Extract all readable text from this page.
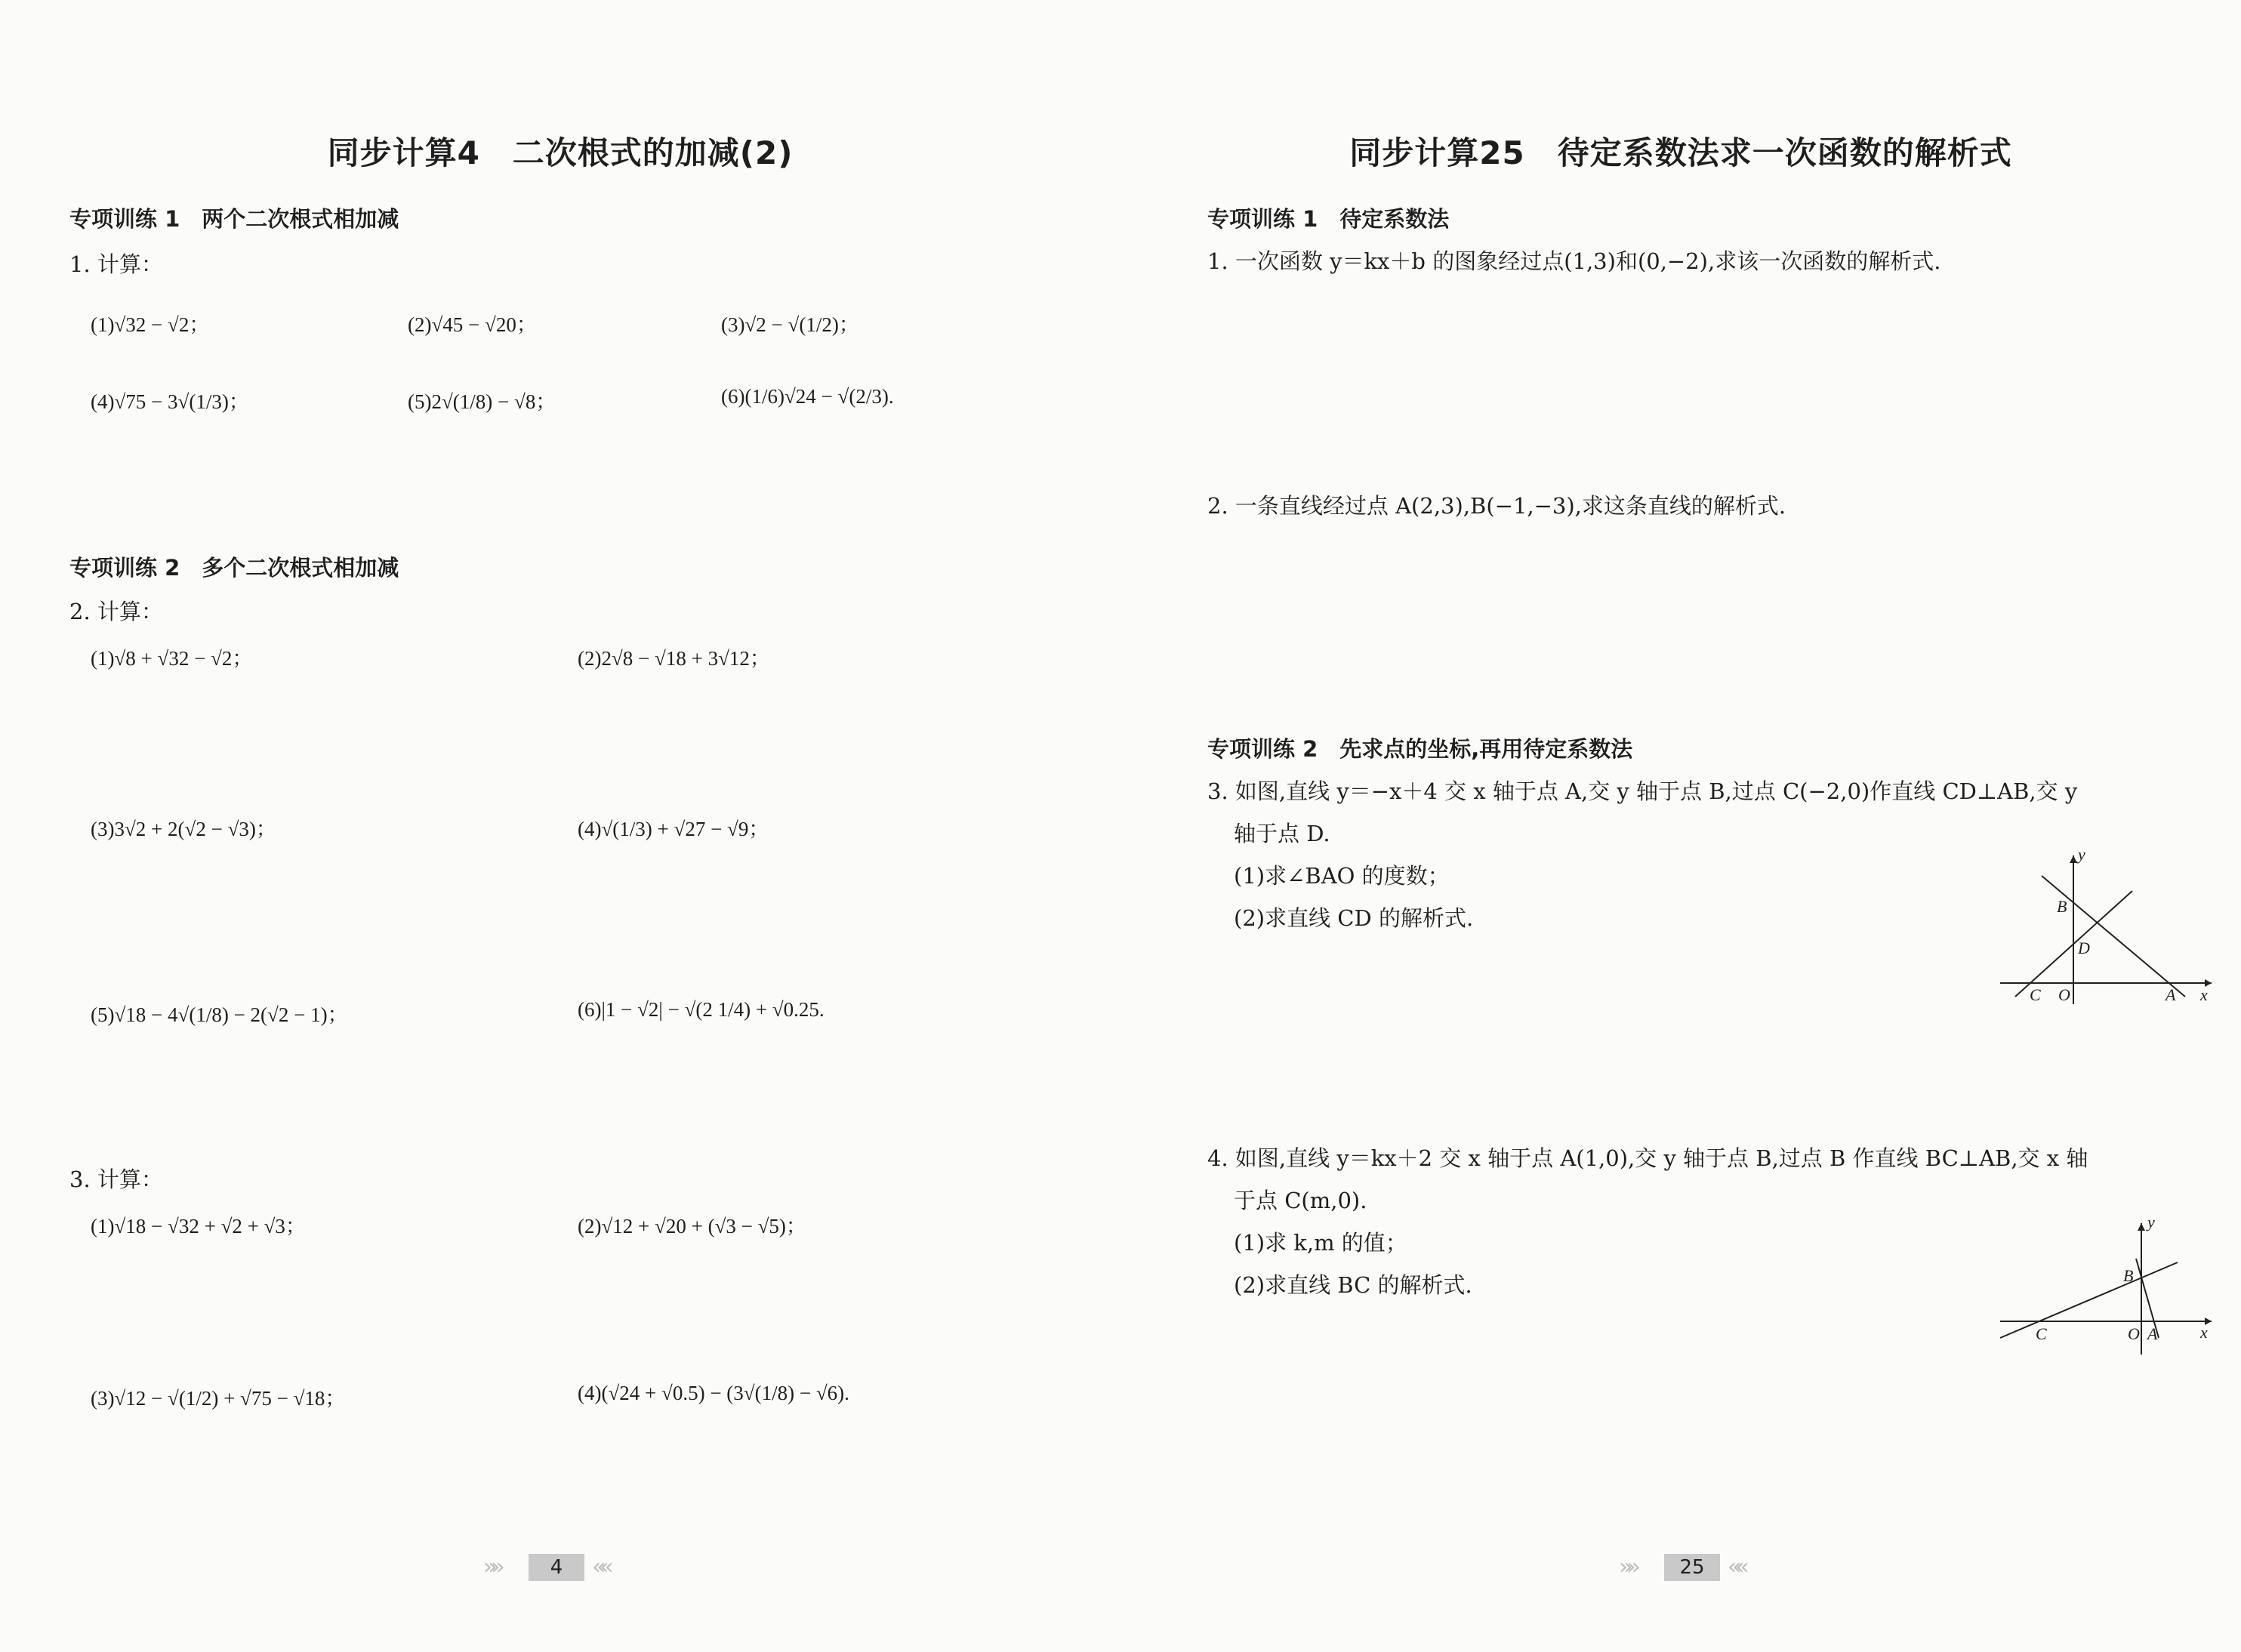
同步计算4　二次根式的加减(2)
专项训练 1　两个二次根式相加减
1. 计算：
(1)√32 − √2；	(2)√45 − √20；	(3)√2 − √(1/2)；
(4)√75 − 3√(1/3)；	(5)2√(1/8) − √8；	(6)(1/6)√24 − √(2/3).
专项训练 2　多个二次根式相加减
2. 计算：
(1)√8 + √32 − √2；	(2)2√8 − √18 + 3√12；
(3)3√2 + 2(√2 − √3)；	(4)√(1/3) + √27 − √9；
(5)√18 − 4√(1/8) − 2(√2 − 1)；	(6)|1 − √2| − √(2 1/4) + √0.25.
3. 计算：
(1)√18 − √32 + √2 + √3；	(2)√12 + √20 + (√3 − √5)；
(3)√12 − √(1/2) + √75 − √18；	(4)(√24 + √0.5) − (3√(1/8) − √6).
»»	4	««
同步计算25　待定系数法求一次函数的解析式
专项训练 1　待定系数法
1. 一次函数 y＝kx＋b 的图象经过点(1,3)和(0,−2),求该一次函数的解析式.
2. 一条直线经过点 A(2,3),B(−1,−3),求这条直线的解析式.
专项训练 2　先求点的坐标,再用待定系数法
3. 如图,直线 y＝−x＋4 交 x 轴于点 A,交 y 轴于点 B,过点 C(−2,0)作直线 CD⊥AB,交 y
轴于点 D.
(1)求∠BAO 的度数；
(2)求直线 CD 的解析式.
y
x
B
D
C O	A
4. 如图,直线 y＝kx＋2 交 x 轴于点 A(1,0),交 y 轴于点 B,过点 B 作直线 BC⊥AB,交 x 轴
于点 C(m,0).
(1)求 k,m 的值；
(2)求直线 BC 的解析式.
y
x
B
C	O A
»»	25	««
